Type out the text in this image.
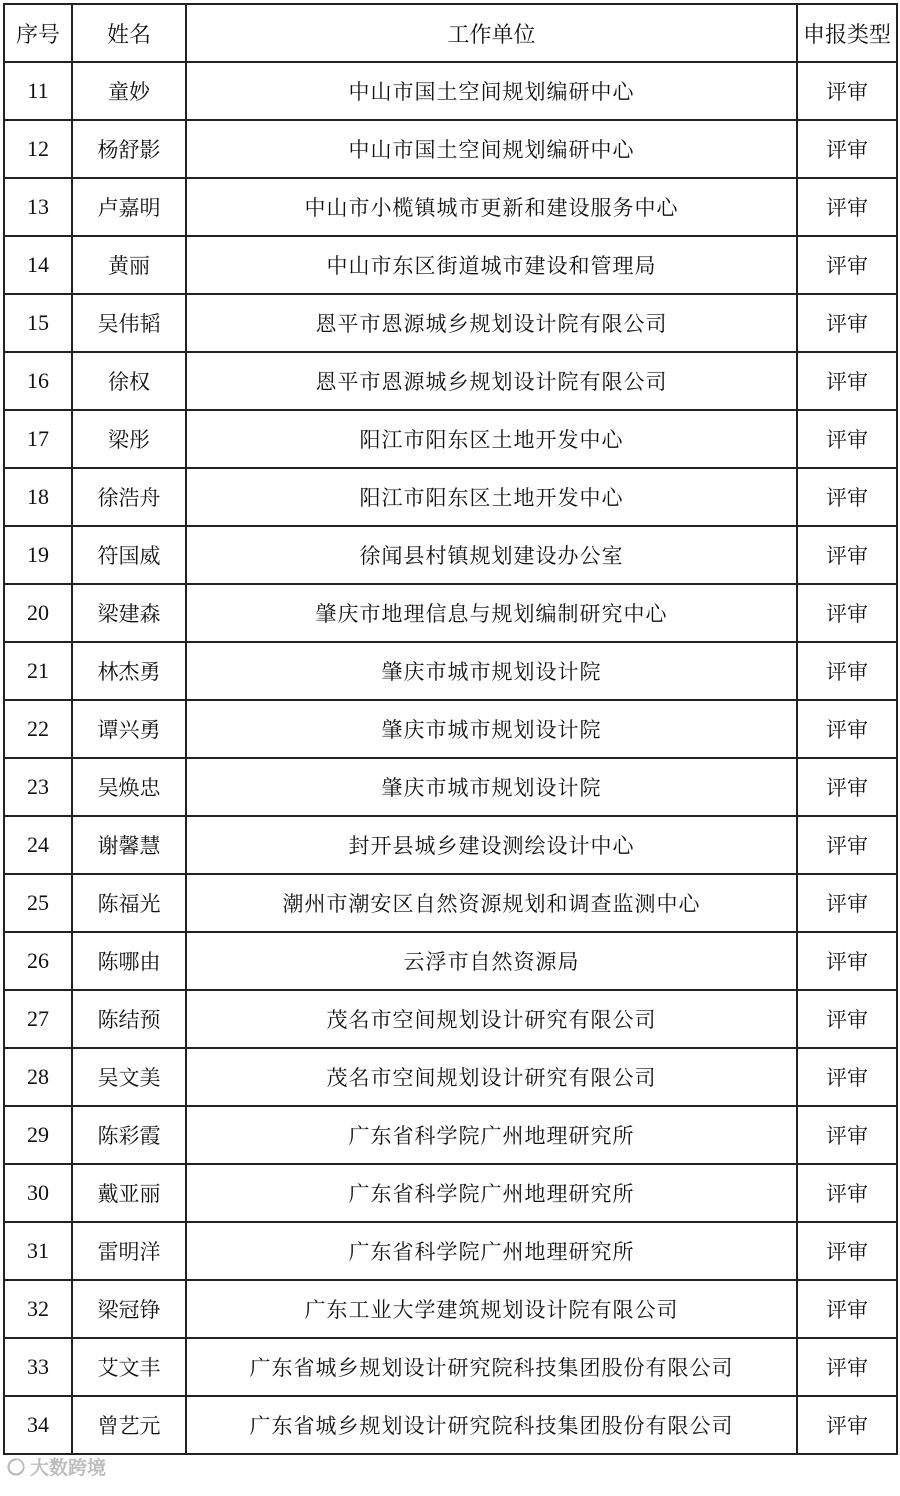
序号	姓名	工作单位	申报类型
11	童妙	中山市国土空间规划编研中心	评审
12	杨舒影	中山市国土空间规划编研中心	评审
13	卢嘉明	中山市小榄镇城市更新和建设服务中心	评审
14	黄丽	中山市东区街道城市建设和管理局	评审
15	吴伟韬	恩平市恩源城乡规划设计院有限公司	评审
16	徐权	恩平市恩源城乡规划设计院有限公司	评审
17	梁彤	阳江市阳东区土地开发中心	评审
18	徐浩舟	阳江市阳东区土地开发中心	评审
19	符国威	徐闻县村镇规划建设办公室	评审
20	梁建森	肇庆市地理信息与规划编制研究中心	评审
21	林杰勇	肇庆市城市规划设计院	评审
22	谭兴勇	肇庆市城市规划设计院	评审
23	吴焕忠	肇庆市城市规划设计院	评审
24	谢馨慧	封开县城乡建设测绘设计中心	评审
25	陈福光	潮州市潮安区自然资源规划和调查监测中心	评审
26	陈哪由	云浮市自然资源局	评审
27	陈结预	茂名市空间规划设计研究有限公司	评审
28	吴文美	茂名市空间规划设计研究有限公司	评审
29	陈彩霞	广东省科学院广州地理研究所	评审
30	戴亚丽	广东省科学院广州地理研究所	评审
31	雷明洋	广东省科学院广州地理研究所	评审
32	梁冠铮	广东工业大学建筑规划设计院有限公司	评审
33	艾文丰	广东省城乡规划设计研究院科技集团股份有限公司	评审
34	曾艺元	广东省城乡规划设计研究院科技集团股份有限公司	评审
大数跨境
